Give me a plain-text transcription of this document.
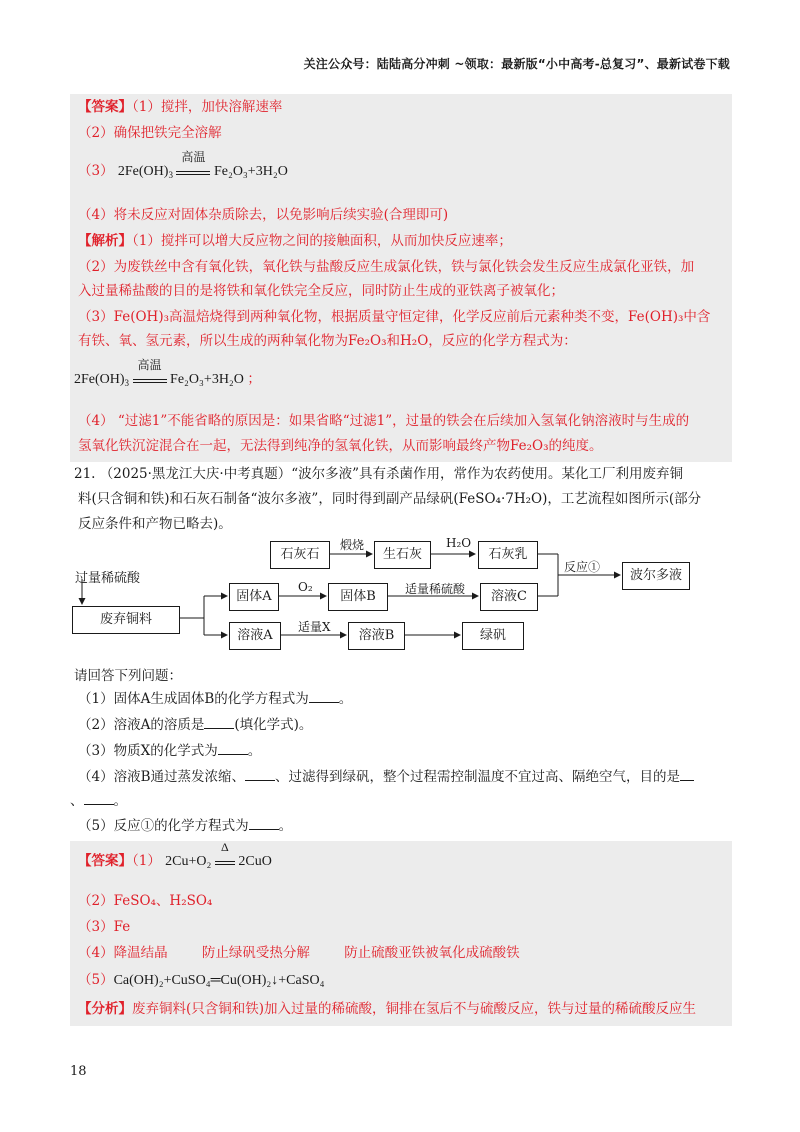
关注公众号：陆陆高分冲刺 ~领取：最新版“小中高考-总复习”、最新试卷下载
【答案】（1）搅拌，加快溶解速率
（2）确保把铁完全溶解
（3） $2Fe(OH)_3$
高温
Fe₂O₃+3H₂O
（4）将未反应对固体杂质除去，以免影响后续实验(合理即可)
【解析】（1）搅拌可以增大反应物之间的接触面积，从而加快反应速率；
（2）为废铁丝中含有氧化铁，氧化铁与盐酸反应生成氯化铁，铁与氯化铁会发生反应生成氯化亚铁，加
入过量稀盐酸的目的是将铁和氧化铁完全反应，同时防止生成的亚铁离子被氧化；
（3）Fe(OH)₃高温焙烧得到两种氧化物，根据质量守恒定律，化学反应前后元素种类不变，Fe(OH)₃中含
有铁、氧、氢元素，所以生成的两种氧化物为Fe₂O₃和H₂O，反应的化学方程式为：
$2Fe(OH)_3$
高温
Fe₂O₃+3H₂O ；
（4） “过滤1”不能省略的原因是：如果省略“过滤1”，过量的铁会在后续加入氢氧化钠溶液时与生成的
氢氧化铁沉淀混合在一起，无法得到纯净的氢氧化铁，从而影响最终产物Fe₂O₃的纯度。
21. （2025·黑龙江大庆·中考真题）“波尔多液”具有杀菌作用，常作为农药使用。某化工厂利用废弃铜
料(只含铜和铁)和石灰石制备“波尔多液”，同时得到副产品绿矾(FeSO₄·7H₂O)，工艺流程如图所示(部分
反应条件和产物已略去)。
石灰石
煅烧
生石灰
H₂O
石灰乳
反应①
波尔多液
过量稀硫酸
废弃铜料
固体A
O₂
固体B	适量稀硫酸	溶液C
溶液A
适量X
溶液B	绿矾
请回答下列问题：
（1）固体A生成固体B的化学方程式为 。
（2）溶液A的溶质是 (填化学式)。
（3）物质X的化学式为 。
（4）溶液B通过蒸发浓缩、 、过滤得到绿矾，整个过程需控制温度不宜过高、隔绝空气，目的是
、 。
（5）反应①的化学方程式为 。
【答案】（1） 2Cu+O₂
Δ
2CuO
（2）FeSO₄、H₂SO₄
（3）Fe
（4）降温结晶	防止绿矾受热分解	防止硫酸亚铁被氧化成硫酸铁
（5）Ca(OH)₂+CuSO₄═Cu(OH)₂↓+CaSO₄
【分析】废弃铜料(只含铜和铁)加入过量的稀硫酸，铜排在氢后不与硫酸反应，铁与过量的稀硫酸反应生
18
